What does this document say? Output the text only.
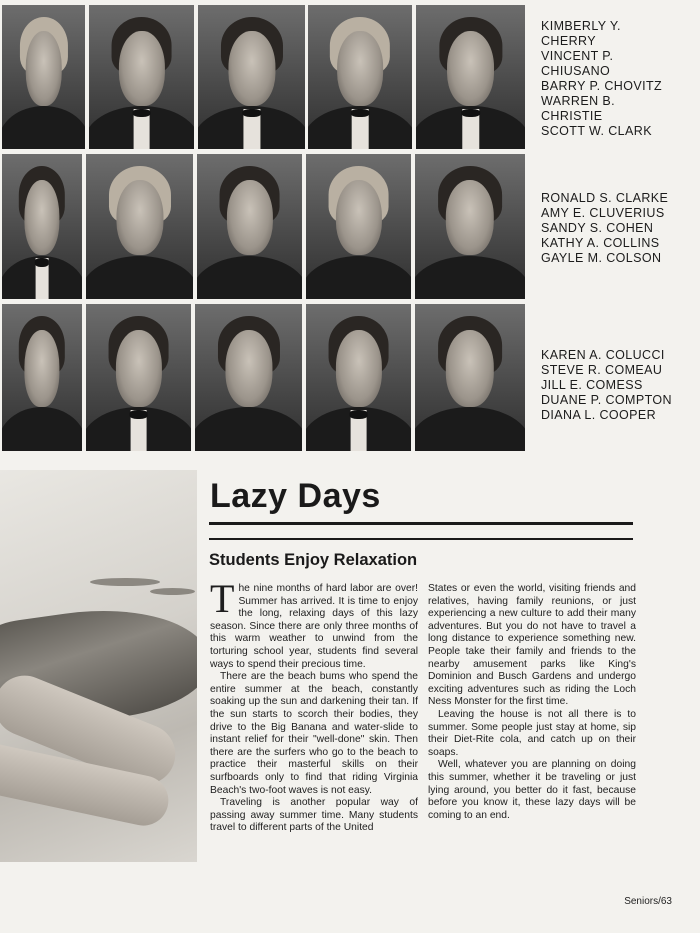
KIMBERLY Y.
CHERRY
VINCENT P.
CHIUSANO
BARRY P. CHOVITZ
WARREN B.
CHRISTIE
SCOTT W. CLARK
RONALD S. CLARKE
AMY E. CLUVERIUS
SANDY S. COHEN
KATHY A. COLLINS
GAYLE M. COLSON
KAREN A. COLUCCI
STEVE R. COMEAU
JILL E. COMESS
DUANE P. COMPTON
DIANA L. COOPER
Lazy Days
Students Enjoy Relaxation

The nine months of hard labor are over! Summer has arrived. It is time to enjoy the long, relaxing days of this lazy season. Since there are only three months of this warm weather to unwind from the torturing school year, students find several ways to spend their precious time.

There are the beach bums who spend the entire summer at the beach, constantly soaking up the sun and darkening their tan. If the sun starts to scorch their bodies, they drive to the Big Banana and water-slide to instant relief for their "well-done" skin. Then there are the surfers who go to the beach to practice their masterful skills on their surfboards only to find that riding Virginia Beach's two-foot waves is not easy.

Traveling is another popular way of passing away summer time. Many students travel to different parts of the United

States or even the world, visiting friends and relatives, having family reunions, or just experiencing a new culture to add their many adventures. But you do not have to travel a long distance to experience something new. People take their family and friends to the nearby amusement parks like King's Dominion and Busch Gardens and undergo exciting adventures such as riding the Loch Ness Monster for the first time.

Leaving the house is not all there is to summer. Some people just stay at home, sip their Diet-Rite cola, and catch up on their soaps.

Well, whatever you are planning on doing this summer, whether it be traveling or just lying around, you better do it fast, because before you know it, these lazy days will be coming to an end.

Seniors/63
